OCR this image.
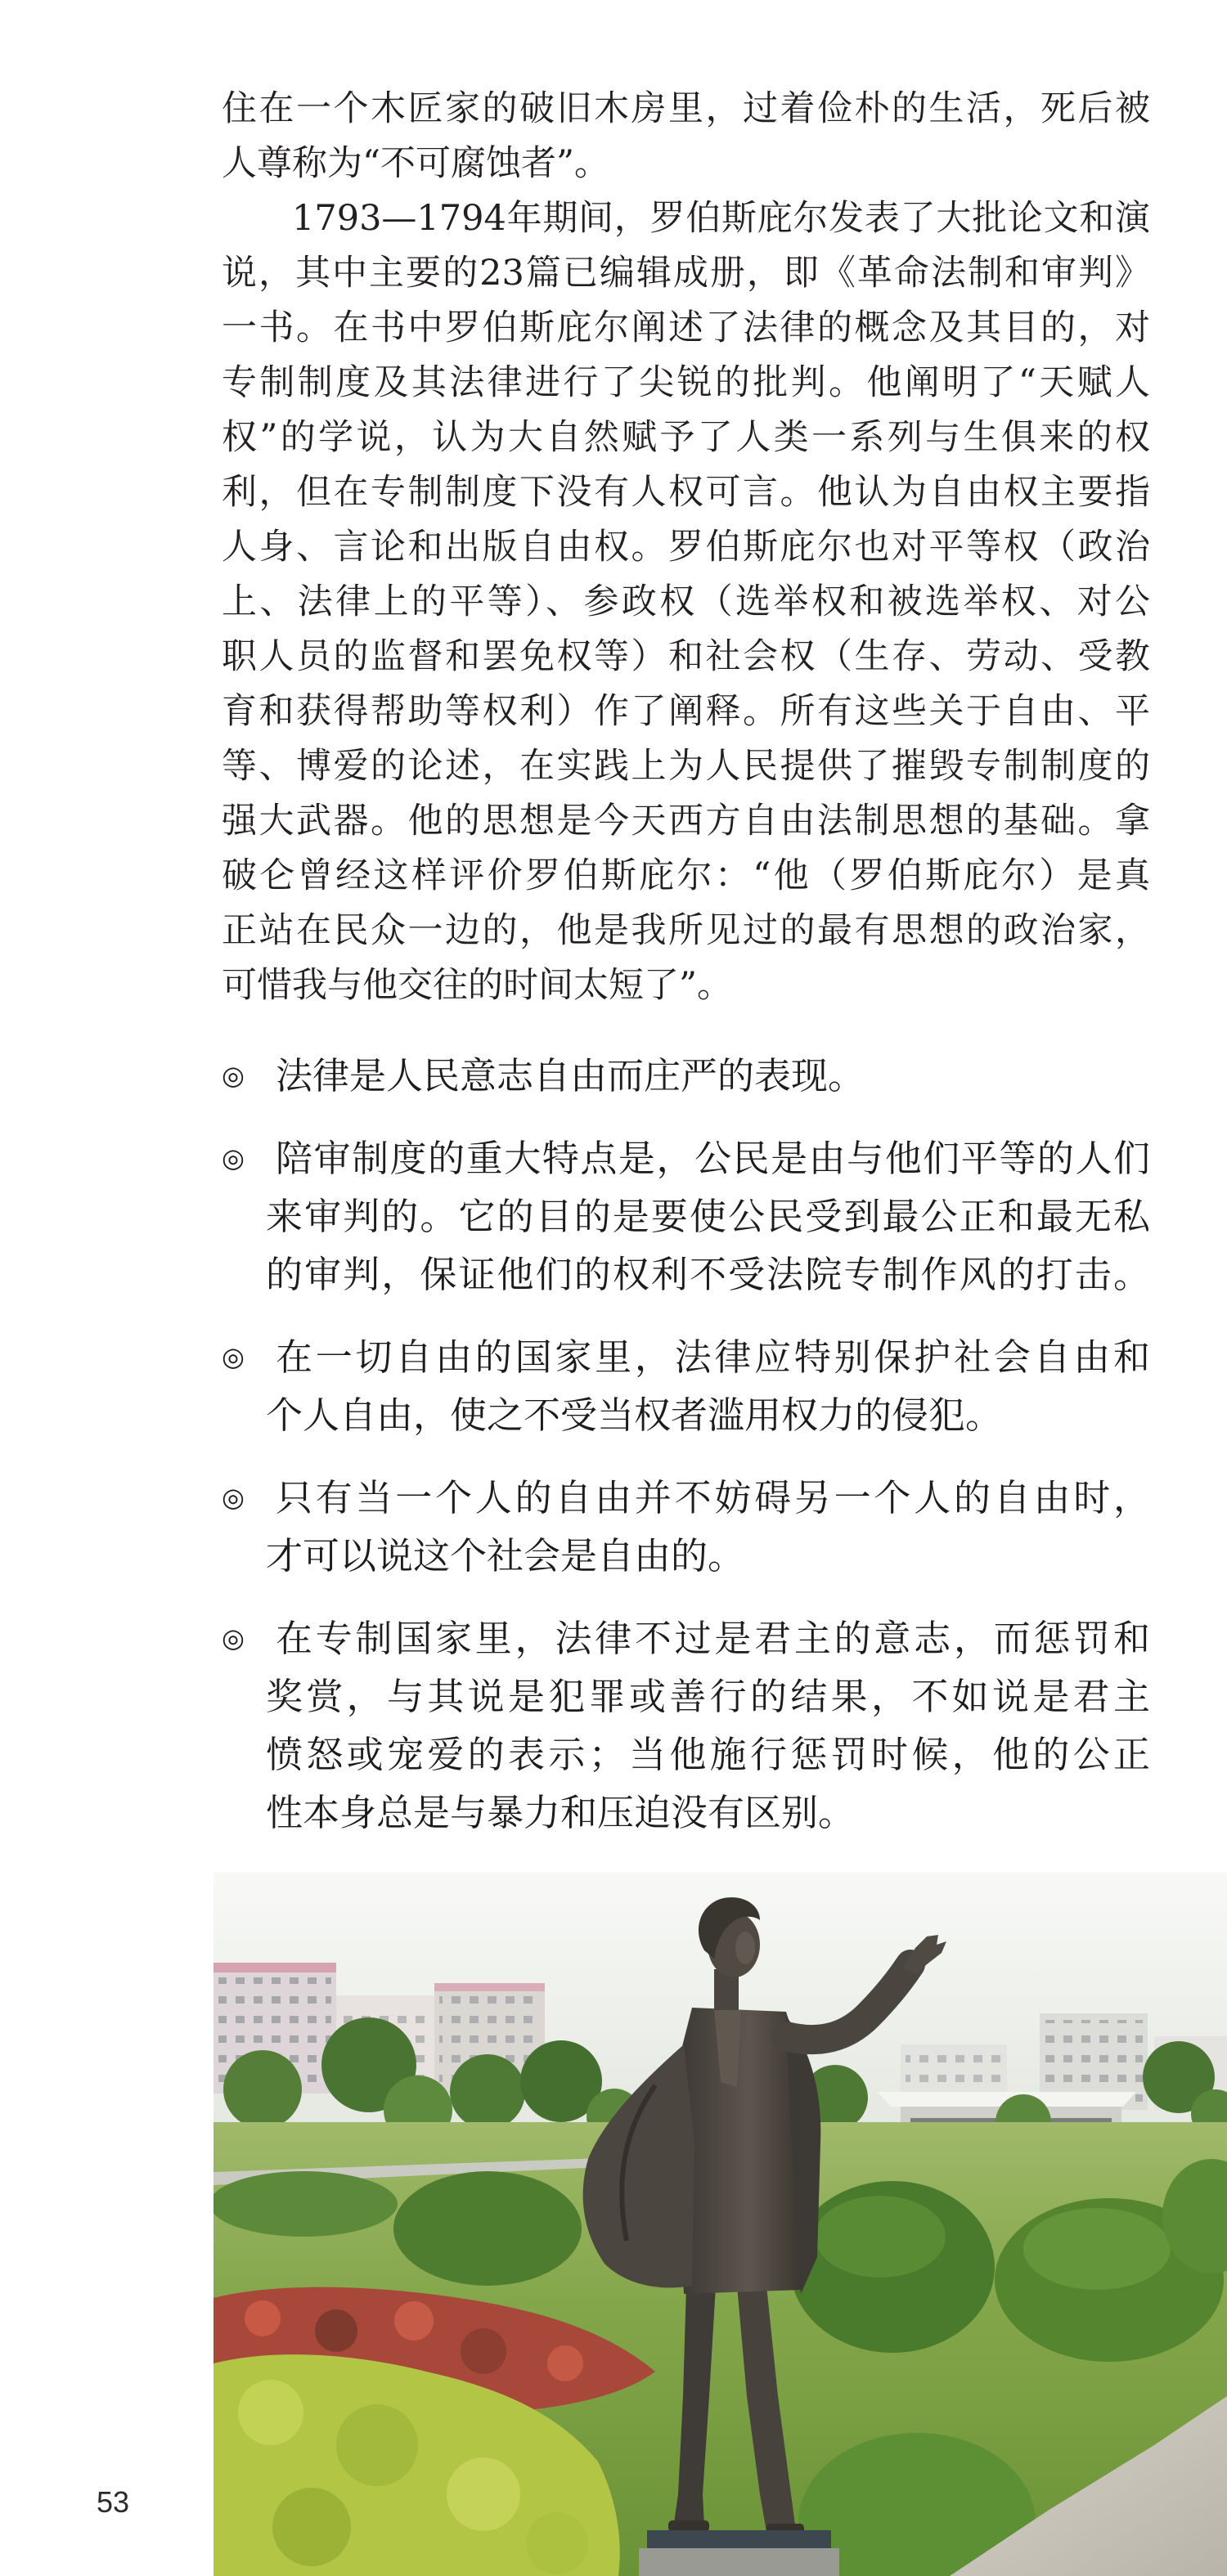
住在一个木匠家的破旧木房里，过着俭朴的生活，死后被
人尊称为“不可腐蚀者”。
1793—1794年期间，罗伯斯庇尔发表了大批论文和演
说，其中主要的23篇已编辑成册，即《革命法制和审判》
一书。在书中罗伯斯庇尔阐述了法律的概念及其目的，对
专制制度及其法律进行了尖锐的批判。他阐明了“天赋人
权”的学说，认为大自然赋予了人类一系列与生俱来的权
利，但在专制制度下没有人权可言。他认为自由权主要指
人身、言论和出版自由权。罗伯斯庇尔也对平等权（政治
上、法律上的平等）、参政权（选举权和被选举权、对公
职人员的监督和罢免权等）和社会权（生存、劳动、受教
育和获得帮助等权利）作了阐释。所有这些关于自由、平
等、博爱的论述，在实践上为人民提供了摧毁专制制度的
强大武器。他的思想是今天西方自由法制思想的基础。拿
破仑曾经这样评价罗伯斯庇尔：“他（罗伯斯庇尔）是真
正站在民众一边的，他是我所见过的最有思想的政治家，
可惜我与他交往的时间太短了”。
◎ 法律是人民意志自由而庄严的表现。
◎ 陪审制度的重大特点是，公民是由与他们平等的人们
来审判的。它的目的是要使公民受到最公正和最无私
的审判，保证他们的权利不受法院专制作风的打击。
◎ 在一切自由的国家里，法律应特别保护社会自由和
个人自由，使之不受当权者滥用权力的侵犯。
◎ 只有当一个人的自由并不妨碍另一个人的自由时，
才可以说这个社会是自由的。
◎ 在专制国家里，法律不过是君主的意志，而惩罚和
奖赏，与其说是犯罪或善行的结果，不如说是君主
愤怒或宠爱的表示；当他施行惩罚时候，他的公正
性本身总是与暴力和压迫没有区别。
53
